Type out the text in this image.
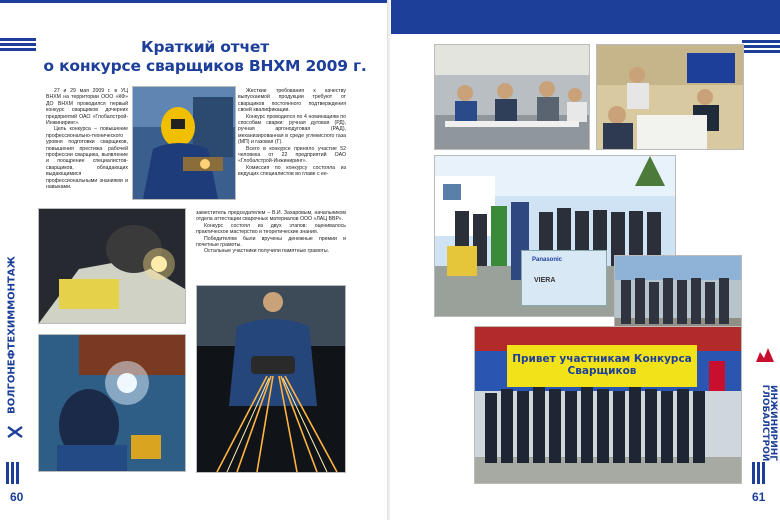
Краткий отчет
о конкурсе сварщиков ВНХМ 2009 г.

27 и 29 мая 2009 г. в УЦ ВНХМ на территории ООО «КФ» ДО ВНХМ проводился первый конкурс сварщиков дочерних предприятий ОАО «Глобалстрой-Инжиниринг».

Цель конкурса – повышение профессионально-технического уровня подготовки сварщиков, повышения престижа рабочей профессии сварщика, выявление и поощрение специалистов-сварщиков, обладающих выдающимися профессиональными знаниями и навыками.

Жесткие требования к качеству выпускаемой продукции требуют от сварщиков постоянного подтверждения своей квалификации.

Конкурс проводился по 4 номинациям по способам сварки: ручная дуговая (РД), ручная аргонодуговая (РАД), механизированная в среде углекислого газа (МП) и газовая (Г).

Всего в конкурсе приняло участие 52 человека от 22 предприятий ОАО «Глобалстрой-Инжиниринг».

Комиссия по конкурсу состояла из ведущих специалистов во главе с ее-

заместитель председателем – В.И. Захаровым, начальником отдела аттестации сварочных материалов ООО «ЛАЦ ВВР».

Конкурс состоял из двух этапов: оценивалось практическое мастерство и теоретические знания.

Победителям были вручены денежные премии и почетные грамоты.

Остальные участники получили памятные грамоты.

ВОЛГОНЕФТЕХИММОНТАЖ
60
Panasonic
VIERA
Привет участникам Конкурса Сварщиков
ГЛОБАЛСТРОЙ
ИНЖИНИРИНГ
61
